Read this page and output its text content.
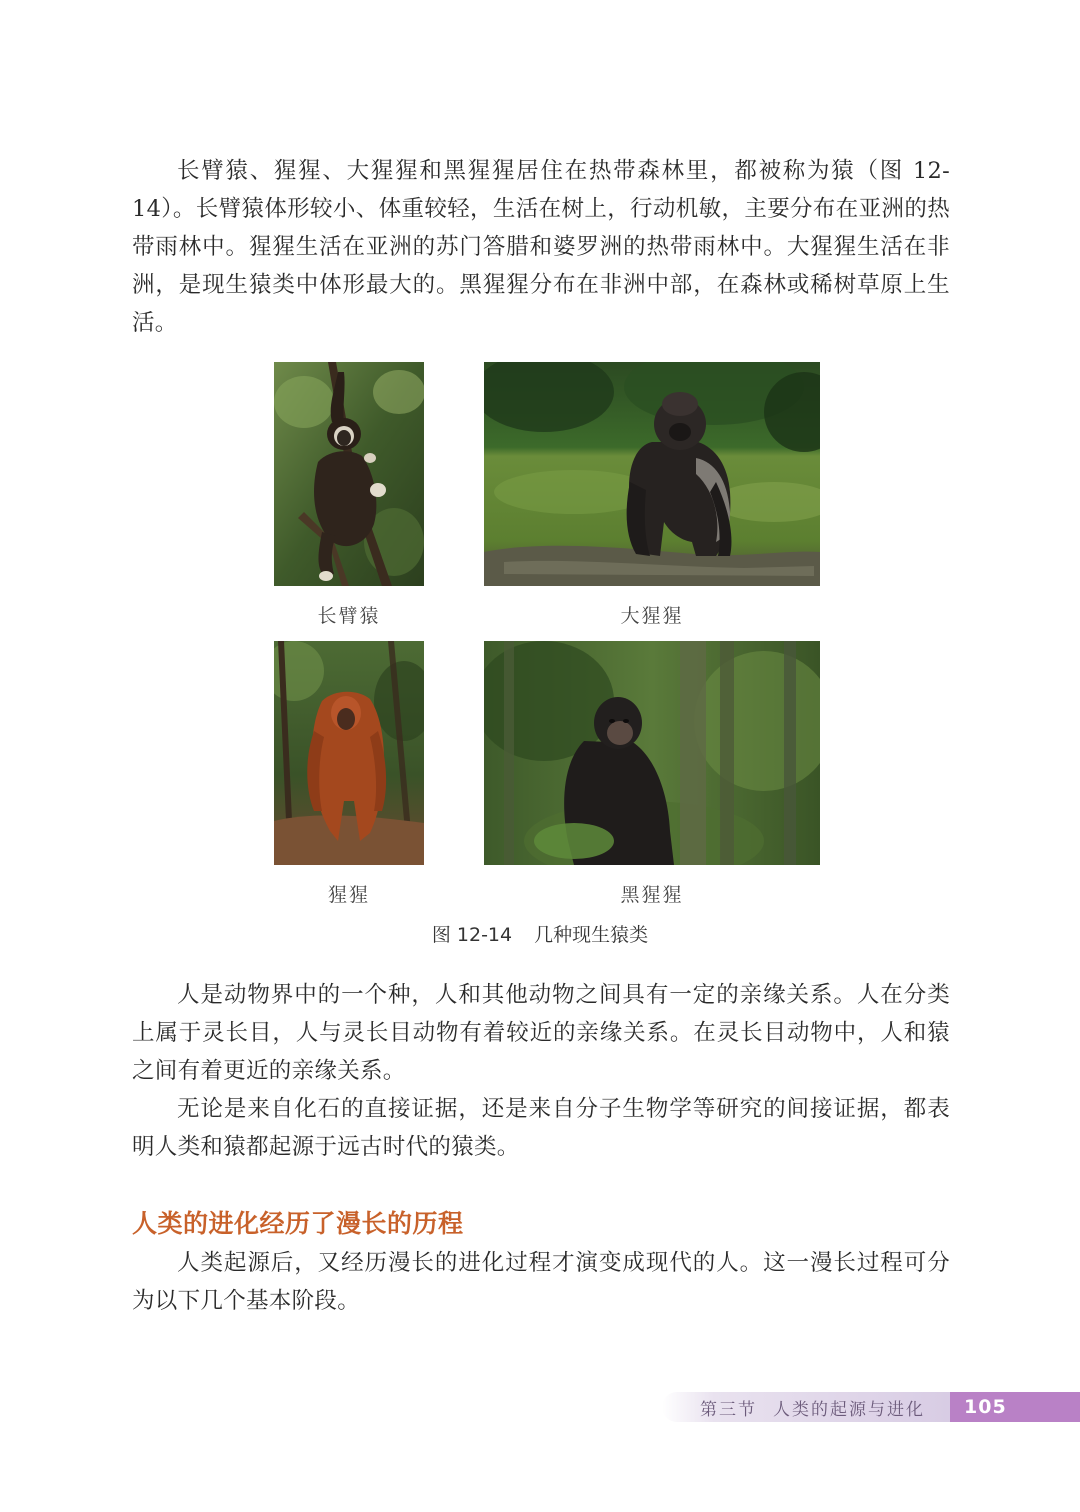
长臂猿、猩猩、大猩猩和黑猩猩居住在热带森林里，都被称为猿（图 12-14）。长臂猿体形较小、体重较轻，生活在树上，行动机敏，主要分布在亚洲的热带雨林中。猩猩生活在亚洲的苏门答腊和婆罗洲的热带雨林中。大猩猩生活在非洲，是现生猿类中体形最大的。黑猩猩分布在非洲中部，在森林或稀树草原上生活。

长臂猿	大猩猩
猩猩	黑猩猩
图 12-14 几种现生猿类

人是动物界中的一个种，人和其他动物之间具有一定的亲缘关系。人在分类上属于灵长目，人与灵长目动物有着较近的亲缘关系。在灵长目动物中，人和猿之间有着更近的亲缘关系。

无论是来自化石的直接证据，还是来自分子生物学等研究的间接证据，都表明人类和猿都起源于远古时代的猿类。

人类的进化经历了漫长的历程

人类起源后，又经历漫长的进化过程才演变成现代的人。这一漫长过程可分为以下几个基本阶段。

第三节 人类的起源与进化	105
